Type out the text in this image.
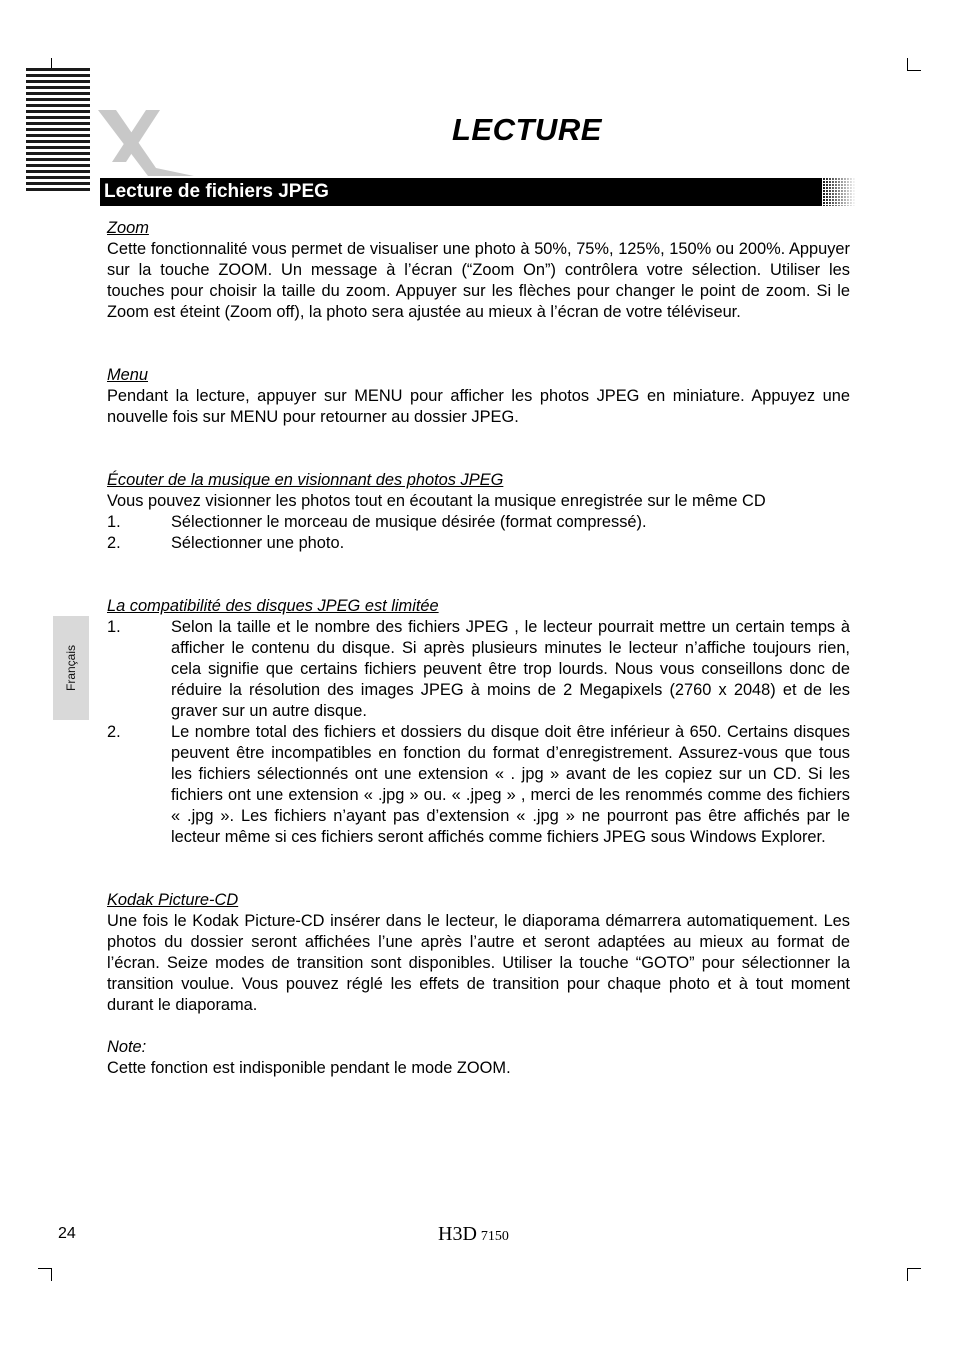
LECTURE
Lecture de fichiers JPEG
Français
Zoom

Cette fonctionnalité vous permet de visualiser une photo à 50%, 75%, 125%, 150% ou 200%. Appuyer sur la touche ZOOM. Un message à l’écran (“Zoom On”) contrôlera votre sélection. Utiliser les touches pour choisir la taille du zoom. Appuyer sur les flèches pour changer le point de zoom. Si le Zoom est éteint (Zoom off), la photo sera ajustée au mieux à l’écran de votre téléviseur.

Menu

Pendant la lecture, appuyer sur MENU pour afficher les photos JPEG en miniature. Appuyez une nouvelle fois sur MENU pour retourner au dossier JPEG.

Écouter de la musique en visionnant des photos JPEG

Vous pouvez visionner les photos tout en écoutant la musique enregistrée sur le même CD

1.	Sélectionner le morceau de musique désirée (format compressé).
2.	Sélectionner une photo.
La compatibilité des disques JPEG est limitée
1.	Selon la taille et le nombre des fichiers JPEG , le lecteur pourrait mettre un certain temps à afficher le contenu du disque. Si après plusieurs minutes le lecteur n’affiche toujours rien, cela signifie que certains fichiers peuvent être trop lourds. Nous vous conseillons donc de réduire la résolution des images JPEG à moins de 2 Megapixels (2760 x 2048) et de les graver sur un autre disque.
2.	Le nombre total des fichiers et dossiers du disque doit être inférieur à 650. Certains disques peuvent être incompatibles en fonction du format d’enregistrement. Assurez-vous que tous les fichiers sélectionnés ont une extension « . jpg » avant de les copiez sur un CD. Si les fichiers ont une extension « .jpg » ou. « .jpeg » , merci de les renommés comme des fichiers « .jpg ». Les fichiers n’ayant pas d’extension « .jpg » ne pourront pas être affichés par le lecteur même si ces fichiers seront affichés comme fichiers JPEG sous Windows Explorer.
Kodak Picture-CD

Une fois le Kodak Picture-CD insérer dans le lecteur, le diaporama démarrera automatiquement. Les photos du dossier seront affichées l’une après l’autre et seront adaptées au mieux au format de l’écran. Seize modes de transition sont disponibles. Utiliser la touche “GOTO” pour sélectionner la transition voulue. Vous pouvez réglé les effets de transition pour chaque photo et à tout moment durant le diaporama.

Note:

Cette fonction est indisponible pendant le mode ZOOM.

24	H3D 7150
